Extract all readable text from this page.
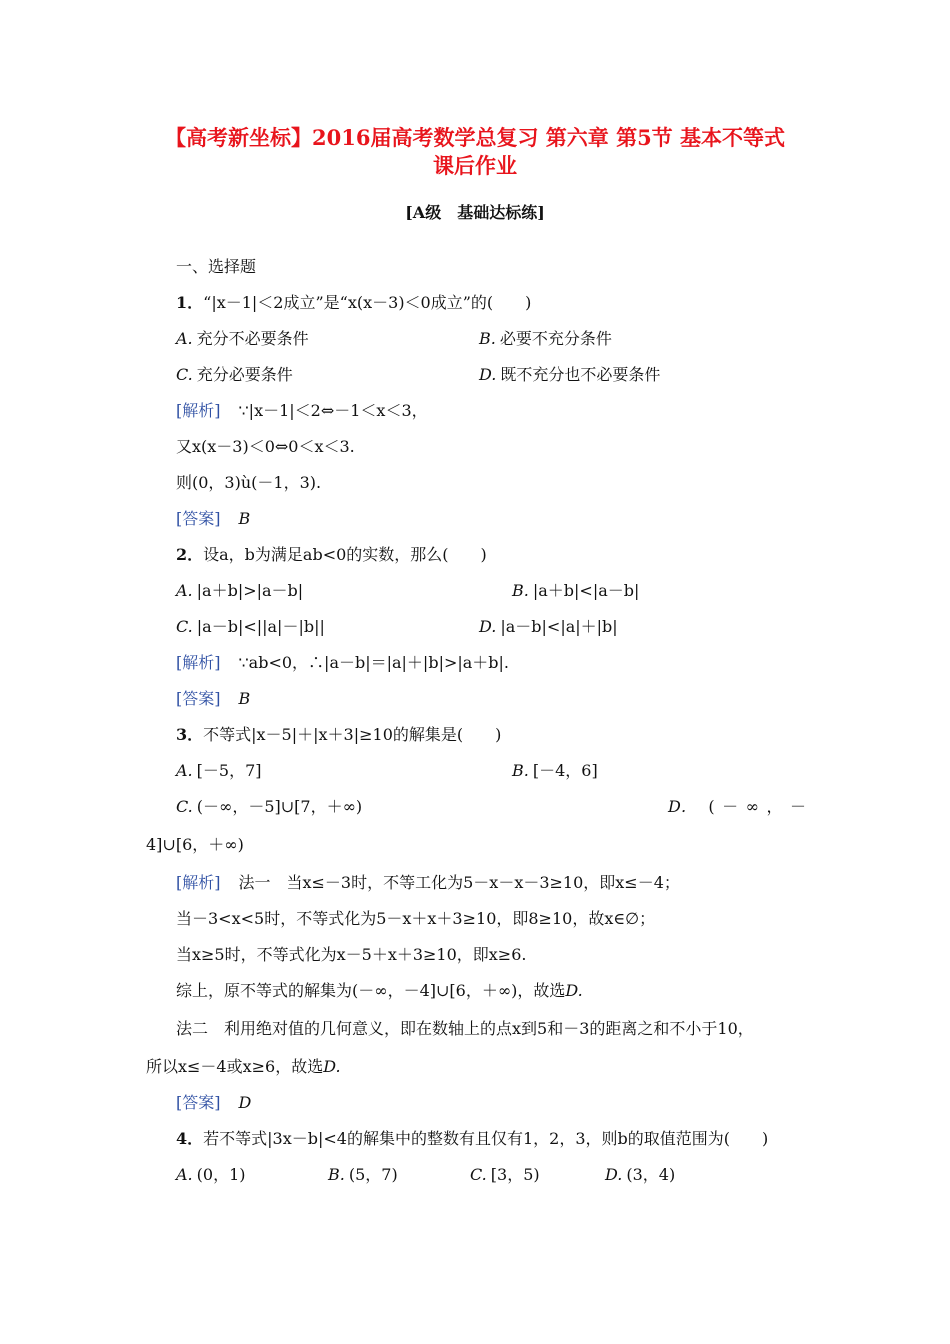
【高考新坐标】2016届高考数学总复习 第六章 第5节 基本不等式
课后作业
[A级　基础达标练]
一、选择题
1．“|x－1|＜2成立”是“x(x－3)＜0成立”的(　　)
A. 充分不必要条件	B. 必要不充分条件
C. 充分必要条件	D. 既不充分也不必要条件
[解析] ∵|x－1|＜2⇔－1＜x＜3，
又x(x－3)＜0⇔0＜x＜3.
则(0，3)ù(－1，3).
[答案] B
2．设a，b为满足ab<0的实数，那么(　　)
A. |a＋b|>|a－b|	B. |a＋b|<|a－b|
C. |a－b|<||a|－|b||	D. |a－b|<|a|＋|b|
[解析] ∵ab<0，∴|a－b|＝|a|＋|b|>|a＋b|.
[答案] B
3．不等式|x－5|＋|x＋3|≥10的解集是(　　)
A. [－5，7]	B. [－4，6]
C. (－∞，－5]∪[7，＋∞)	D． ( － ∞ ， －
4]∪[6，＋∞)
[解析] 法一　当x≤－3时，不等工化为5－x－x－3≥10，即x≤－4；
当－3<x<5时，不等式化为5－x＋x＋3≥10，即8≥10，故x∈∅；
当x≥5时，不等式化为x－5＋x＋3≥10，即x≥6.
综上，原不等式的解集为(－∞，－4]∪[6，＋∞)，故选D.
法二　利用绝对值的几何意义，即在数轴上的点x到5和－3的距离之和不小于10，
所以x≤－4或x≥6，故选D.
[答案] D
4．若不等式|3x－b|<4的解集中的整数有且仅有1，2，3，则b的取值范围为(　　)
A. (0，1)	B. (5，7)	C. [3，5)	D. (3，4)
